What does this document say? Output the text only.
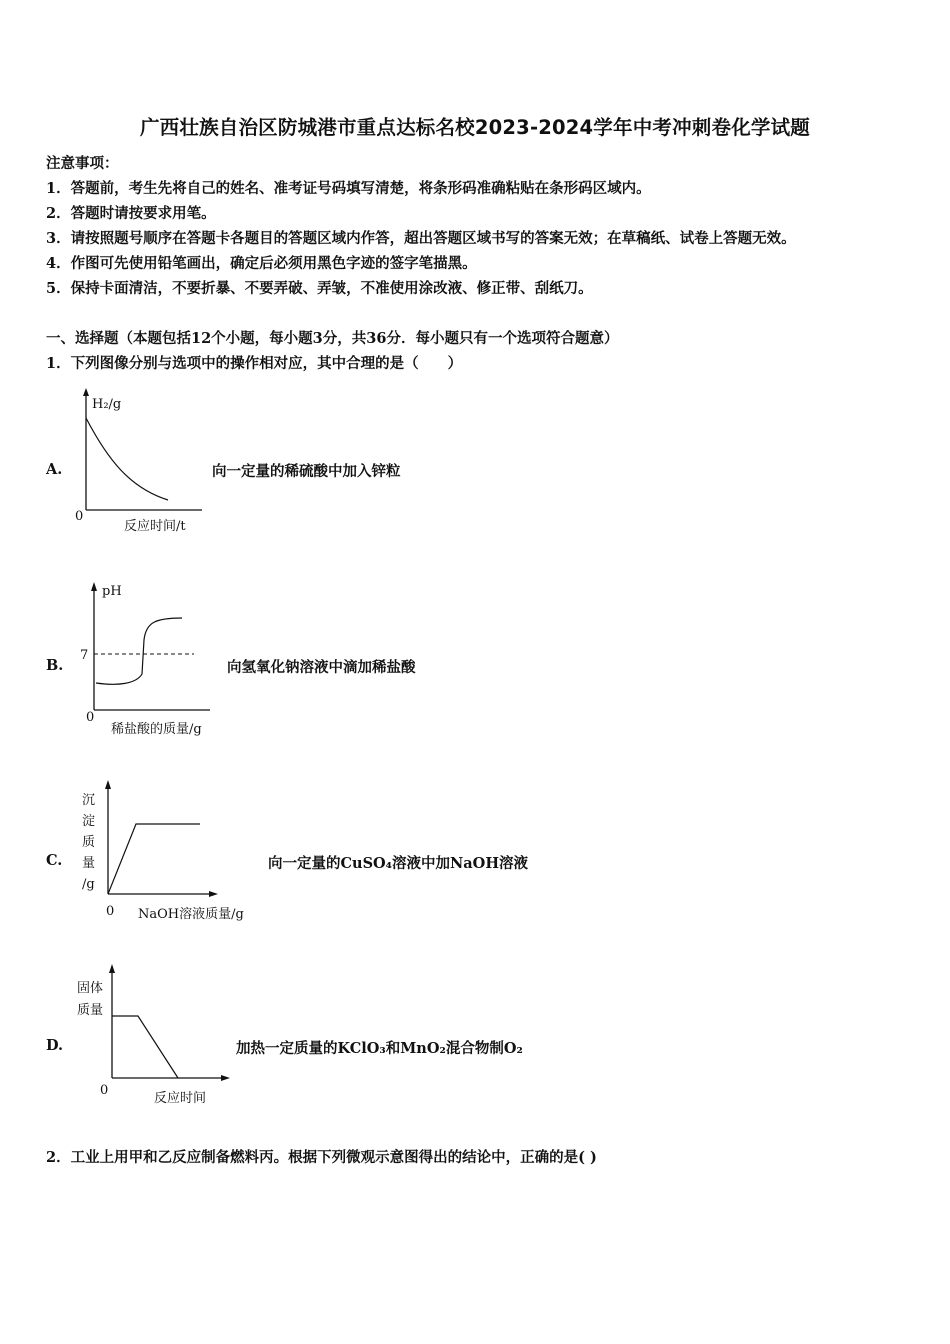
广西壮族自治区防城港市重点达标名校2023-2024学年中考冲刺卷化学试题
注意事项：
1．答题前，考生先将自己的姓名、准考证号码填写清楚，将条形码准确粘贴在条形码区域内。
2．答题时请按要求用笔。
3．请按照题号顺序在答题卡各题目的答题区域内作答，超出答题区域书写的答案无效；在草稿纸、试卷上答题无效。
4．作图可先使用铅笔画出，确定后必须用黑色字迹的签字笔描黑。
5．保持卡面清洁，不要折暴、不要弄破、弄皱，不准使用涂改液、修正带、刮纸刀。
一、选择题（本题包括12个小题，每小题3分，共36分．每小题只有一个选项符合题意）
1．下列图像分别与选项中的操作相对应，其中合理的是（　　）
A.
H₂/g
0
反应时间/t
向一定量的稀硫酸中加入锌粒
B.
pH
7
0
稀盐酸的质量/g
向氢氧化钠溶液中滴加稀盐酸
C.
沉
淀
质
量
/g
0 NaOH溶液质量/g
向一定量的CuSO₄溶液中加NaOH溶液
D.
固体
质量
0
反应时间
加热一定质量的KClO₃和MnO₂混合物制O₂
2．工业上用甲和乙反应制备燃料丙。根据下列微观示意图得出的结论中，正确的是( )
